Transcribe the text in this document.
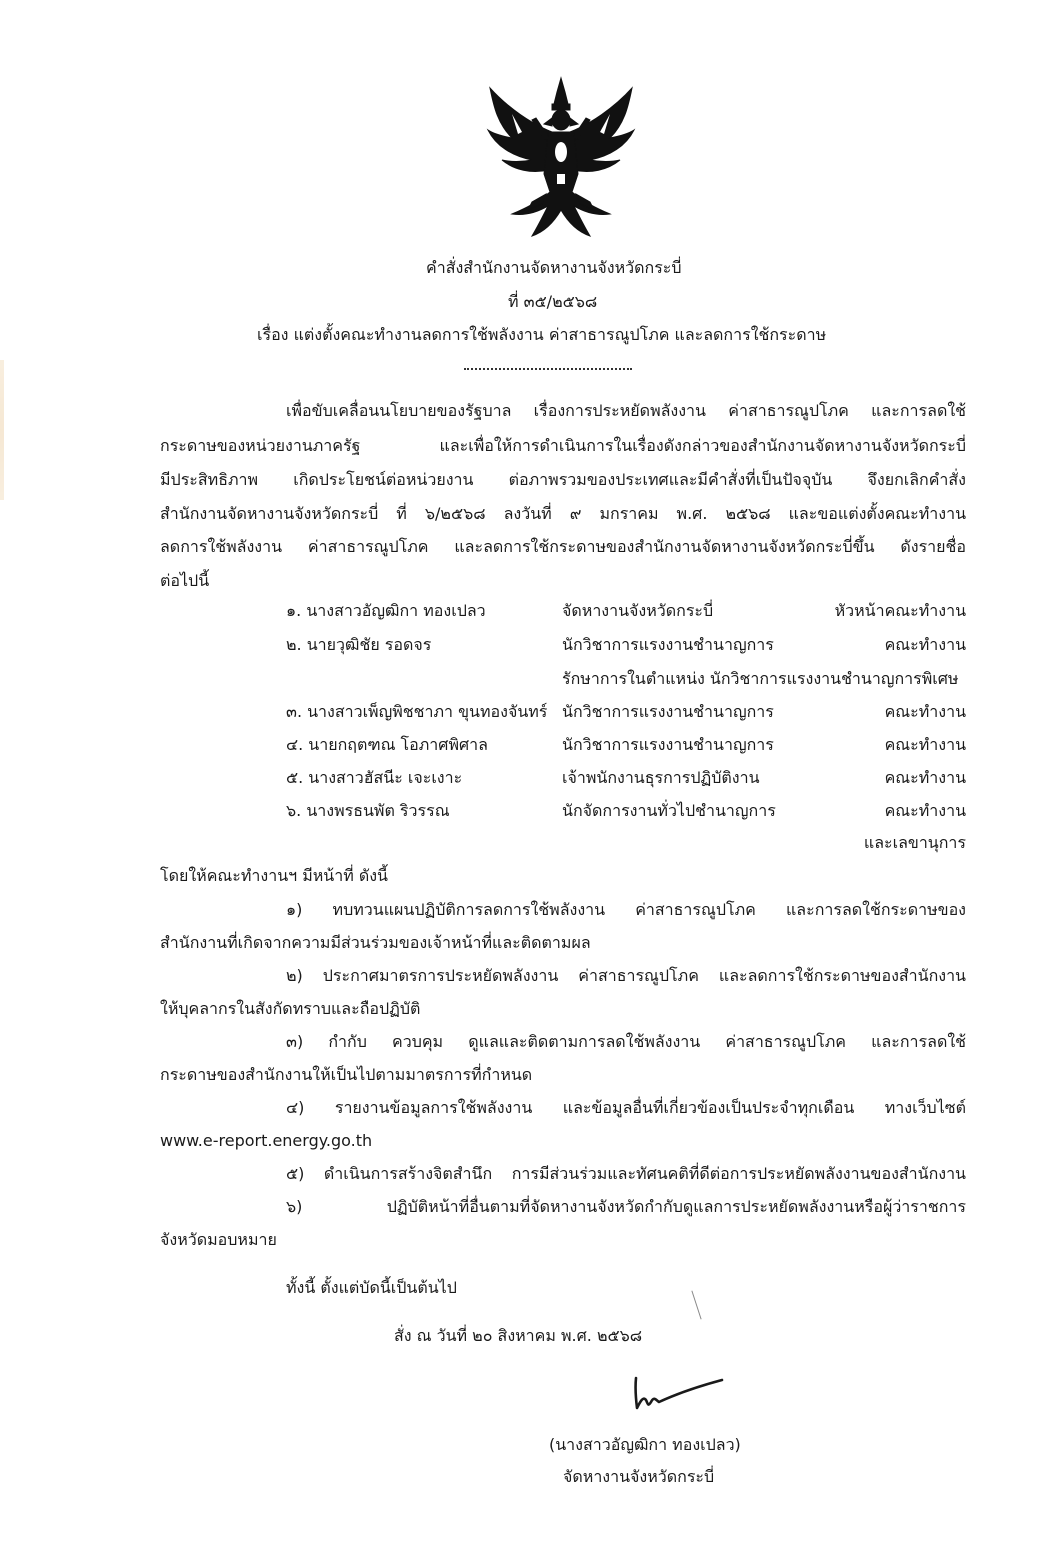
คำสั่งสำนักงานจัดหางานจังหวัดกระบี่
ที่ ๓๕/๒๕๖๘
เรื่อง แต่งตั้งคณะทำงานลดการใช้พลังงาน ค่าสาธารณูปโภค และลดการใช้กระดาษ
เพื่อขับเคลื่อนนโยบายของรัฐบาล เรื่องการประหยัดพลังงาน ค่าสาธารณูปโภค และการลดใช้
กระดาษของหน่วยงานภาครัฐ และเพื่อให้การดำเนินการในเรื่องดังกล่าวของสำนักงานจัดหางานจังหวัดกระบี่
มีประสิทธิภาพ เกิดประโยชน์ต่อหน่วยงาน ต่อภาพรวมของประเทศและมีคำสั่งที่เป็นปัจจุบัน จึงยกเลิกคำสั่ง
สำนักงานจัดหางานจังหวัดกระบี่ ที่ ๖/๒๕๖๘ ลงวันที่ ๙ มกราคม พ.ศ. ๒๕๖๘ และขอแต่งตั้งคณะทำงาน
ลดการใช้พลังงาน ค่าสาธารณูปโภค และลดการใช้กระดาษของสำนักงานจัดหางานจังหวัดกระบี่ขึ้น ดังรายชื่อ
ต่อไปนี้
๑. นางสาวอัญฒิกา ทองเปลว	จัดหางานจังหวัดกระบี่	หัวหน้าคณะทำงาน
๒. นายวุฒิชัย รอดจร	นักวิชาการแรงงานชำนาญการ	คณะทำงาน
รักษาการในตำแหน่ง นักวิชาการแรงงานชำนาญการพิเศษ
๓. นางสาวเพ็ญพิชชาภา ขุนทองจันทร์ นักวิชาการแรงงานชำนาญการ	คณะทำงาน
๔. นายกฤตฑณ โอภาศพิศาล	นักวิชาการแรงงานชำนาญการ	คณะทำงาน
๕. นางสาวฮัสนีะ เจะเงาะ	เจ้าพนักงานธุรการปฏิบัติงาน	คณะทำงาน
๖. นางพรธนพัต ริวรรณ	นักจัดการงานทั่วไปชำนาญการ	คณะทำงาน
และเลขานุการ
โดยให้คณะทำงานฯ มีหน้าที่ ดังนี้
๑) ทบทวนแผนปฏิบัติการลดการใช้พลังงาน ค่าสาธารณูปโภค และการลดใช้กระดาษของ
สำนักงานที่เกิดจากความมีส่วนร่วมของเจ้าหน้าที่และติดตามผล
๒) ประกาศมาตรการประหยัดพลังงาน ค่าสาธารณูปโภค และลดการใช้กระดาษของสำนักงาน
ให้บุคลากรในสังกัดทราบและถือปฏิบัติ
๓) กำกับ ควบคุม ดูแลและติดตามการลดใช้พลังงาน ค่าสาธารณูปโภค และการลดใช้
กระดาษของสำนักงานให้เป็นไปตามมาตรการที่กำหนด
๔) รายงานข้อมูลการใช้พลังงาน และข้อมูลอื่นที่เกี่ยวข้องเป็นประจำทุกเดือน ทางเว็บไซต์
www.e-report.energy.go.th
๕) ดำเนินการสร้างจิตสำนึก การมีส่วนร่วมและทัศนคติที่ดีต่อการประหยัดพลังงานของสำนักงาน
๖) ปฏิบัติหน้าที่อื่นตามที่จัดหางานจังหวัดกำกับดูแลการประหยัดพลังงานหรือผู้ว่าราชการ
จังหวัดมอบหมาย
ทั้งนี้ ตั้งแต่บัดนี้เป็นต้นไป
สั่ง ณ วันที่ ๒๐ สิงหาคม พ.ศ. ๒๕๖๘
(นางสาวอัญฒิกา ทองเปลว)
จัดหางานจังหวัดกระบี่
